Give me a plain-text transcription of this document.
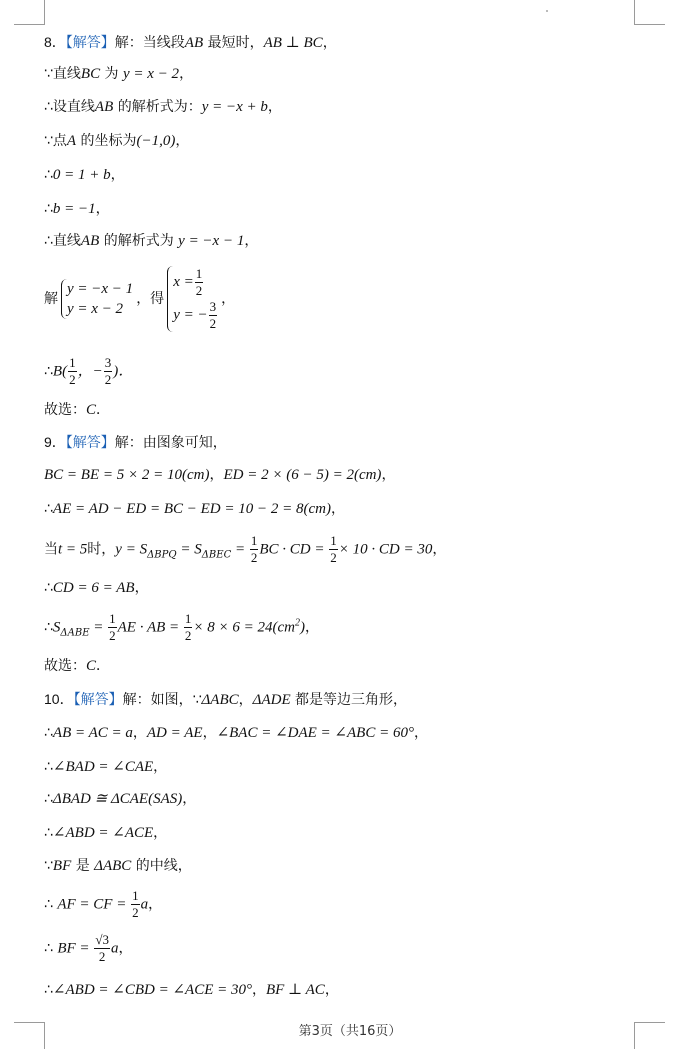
8．【解答】解：当线段AB 最短时，AB ⊥ BC，
∵直线BC 为 y = x − 2，
∴设直线AB 的解析式为：y = −x + b，
∵点A 的坐标为(−1,0)，
∴0 = 1 + b，
∴b = −1，
∴直线AB 的解析式为 y = −x − 1，
解
y = −x − 1
y = x − 2
，得
$x = \frac{1}{2}$
y = − $\frac{3}{2}$ ，
∴B( $\frac{1}{2}$ ，− $\frac{3}{2}$ )．
故选：C．
9．【解答】解：由图象可知，
BC = BE = 5 × 2 = 10(cm)，ED = 2 × (6 − 5) = 2(cm)，
∴AE = AD − ED = BC − ED = 10 − 2 = 8(cm)，
当t = 5时，$y = S_{\Delta BPQ} = S_{\Delta BEC} = \frac{1}{2}$ BC · CD = $\frac{1}{2} \times 10$ · CD = 30，
∴CD = 6 = AB，
$\therefore S_{\Delta ABE} = \frac{1}{2}$ AE · AB = $\frac{1}{2} \times 8 \times 6 = 24(cm^2)$，
故选：C．
10．【解答】解：如图，∵ΔABC，ΔADE 都是等边三角形，
∴AB = AC = a，AD = AE，∠BAC = ∠DAE = ∠ABC = 60°，
∴∠BAD = ∠CAE，
∴ΔBAD ≅ ΔCAE(SAS)，
∴∠ABD = ∠ACE，
∵BF 是 ΔABC 的中线，
∴ AF = CF = $\frac{1}{2}$ a，
∴ BF = $\frac{√3}{2}$ a，
∴∠ABD = ∠CBD = ∠ACE = 30°，BF ⊥ AC，
第3页（共16页）
